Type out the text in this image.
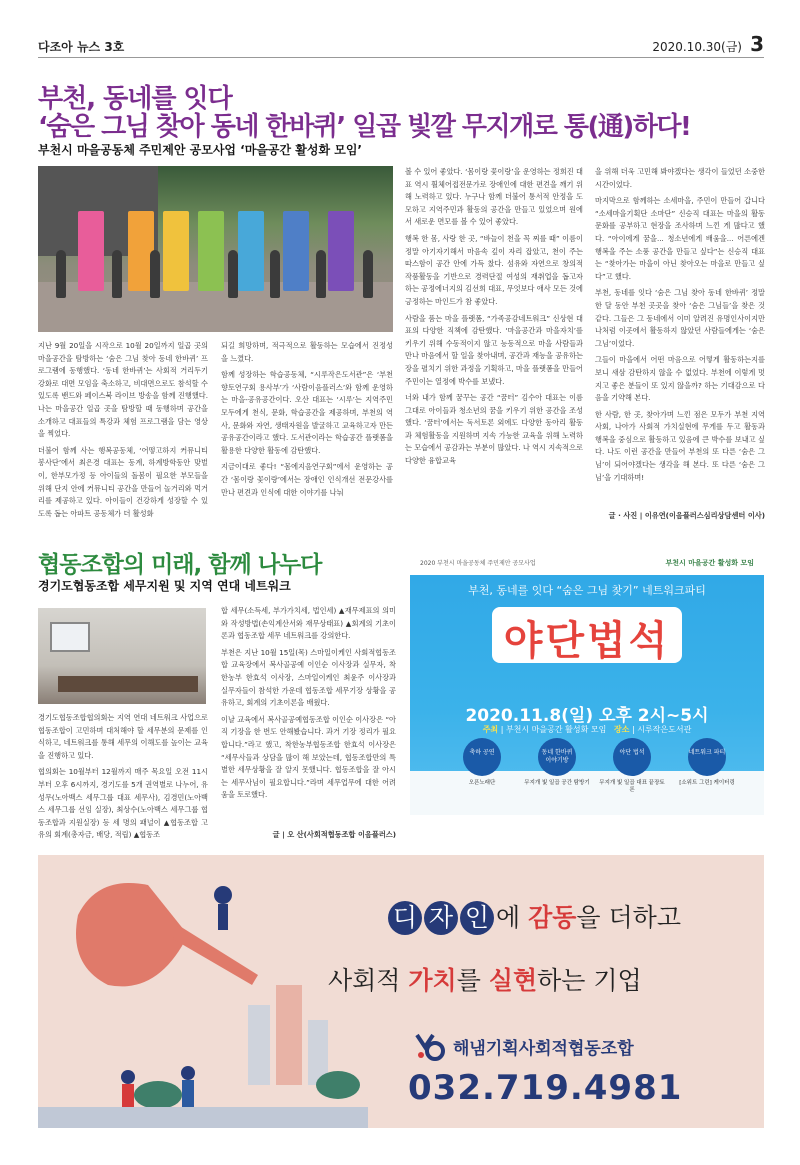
다조아 뉴스 3호	2020.10.30(금) 3
부천, 동네를 잇다
‘숨은 그님 찾아 동네 한바퀴’ 일곱 빛깔 무지개로 통(通)하다!
부천시 마을공동체 주민제안 공모사업 ‘마을공간 활성화 모임’

지난 9월 20일을 시작으로 10월 20일까지 일곱 곳의 마을공간을 탐방하는 ‘숨은 그님 찾아 동네 한바퀴’ 프로그램에 동행했다. ‘동네 한바퀴’는 사회적 거리두기 강화로 대면 모임을 축소하고, 비대면으로도 참석할 수 있도록 밴드와 페이스북 라이브 방송을 함께 진행했다. 나는 마을공간 일곱 곳을 탐방할 때 동행하며 공간을 소개하고 대표들의 특강과 체험 프로그램을 담는 영상을 찍었다.

더불어 함께 사는 행복공동체, ‘어떻고하지 커뮤니티 봉사단’에서 최은경 대표는 동계, 하계방학동안 맞벌이, 한부모가정 등 아이들의 돌봄이 필요한 부모들을 위해 단지 안에 커뮤니티 공간을 만들어 놀거리와 먹거리를 제공하고 있다. 아이들이 건강하게 성장할 수 있도록 돕는 아파트 공동체가 더 활성화

되길 희망하며, 적극적으로 활동하는 모습에서 진정성을 느꼈다.

함께 성장하는 학습공동체, “시루작은도서관”은 ‘부천향토연구회 용사부’가 ‘사람이음플러스’와 함께 운영하는 마을-공유공간이다. 오산 대표는 ‘시루’는 지역주민 모두에게 천식, 문화, 학습공간을 제공하며, 부천의 역사, 문화와 자연, 생태자원을 발굴하고 교육하고자 만든 공유공간이라고 했다. 도서관이라는 학습공간 플랫폼을 활용한 다양한 활동에 감탄했다.

지금이대로 좋다! “몸에지음연구회”에서 운영하는 공간 ‘몸이랑 꽃이랑’에서는 장애인 인식개선 전문강사를 만나 편견과 인식에 대한 이야기를 나눠

볼 수 있어 좋았다. ‘몸이랑 꽃이랑’을 운영하는 정희진 대표 역시 휠체어접전문가로 장애인에 대한 편견을 깨기 위해 노력하고 있다. 누구나 함께 더불어 통서적 안정을 도모하고 지역주민과 활동의 공간을 만들고 있었으며 원에서 새로운 면모를 볼 수 있어 좋았다.

행복 한 몸, 사랑 한 곳, “바늘이 천을 꼭 찌를 때” 이름이 정말 아기자기해서 마음속 깊이 자리 잡았고, 천이 주는 따스함이 공간 안에 가득 찼다. 섬유와 자연으로 창의적 작품활동을 기반으로 경력단절 여성의 재취업을 돕고자 하는 공정에너지의 김선희 대표, 무엇보다 애사 모든 것에 긍정하는 마인드가 참 좋았다.

사람을 품는 마을 플랫폼, “가족공감네트워크” 신상현 대표의 다양한 직책에 감탄했다. ‘마을공간과 마을자치’를 키우기 위해 수동적이지 않고 능동적으로 마을 사람들과 만나 마음에서 할 일을 찾아내며, 공간과 재능을 공유하는 장을 펼치기 위한 과정을 기획하고, 마을 플랫폼을 만들어 주민이는 열정에 박수를 보냈다.

너와 내가 함께 꿈꾸는 공간 “꿈터” 김수아 대표는 이름 그대로 아이들과 청소년의 꿈을 키우기 위한 공간을 조성했다. ‘꿈터’에서는 독서토론 외에도 다양한 동아리 활동과 체험활동을 지원하며 지속 가능한 교육을 위해 노력하는 모습에서 공감과는 부분이 많았다. 나 역시 지속적으로 다양한 융합교육

을 위해 더욱 고민해 봐야겠다는 생각이 들었던 소중한 시간이었다.

마지막으로 함께하는 소세마을, 주민이 만들어 갑니다 “소세마을기획단 소마단” 신승직 대표는 마을의 활동문화를 공부하고 현장을 조사하며 느낀 게 많다고 했다. “아이에게 꿈을... 청소년에게 배움을... 어른에겐 행복을 주는 소풍 공간을 만들고 싶다”는 신승직 대표는 “찾아가는 마을이 아닌 찾아오는 마을로 만들고 싶다”고 했다.

부천, 동네를 잇다 ‘숨은 그님 찾아 동네 한바퀴’ 정말 한 달 동안 부천 곳곳을 찾아 ‘숨은 그님들’을 찾은 것 같다. 그들은 그 동네에서 이미 알려진 유명인사이지만 나처럼 이곳에서 활동하지 않았던 사람들에게는 ‘숨은 그님’이었다.

그들이 마을에서 어떤 마음으로 어떻게 활동하는지를 보니 새삼 감탄하지 않을 수 없었다. 부천에 이렇게 멋지고 좋은 분들이 또 있지 않을까? 하는 기대감으로 다음을 기약해 본다.

한 사람, 한 곳, 찾아가며 느낀 점은 모두가 부천 지역사회, 나아가 사회적 가치실현에 무게를 두고 활동과 행복을 중심으로 활동하고 있음에 큰 박수를 보내고 싶다. 나도 이런 공간을 만들어 부천의 또 다른 ‘숨은 그님’이 되어야겠다는 생각을 해 본다. 또 다른 ‘숨은 그님’을 기대하며!

글 · 사진 | 이유연(이음플러스심리상담센터 이사)
협동조합의 미래, 함께 나누다
경기도협동조합 세무지원 및 지역 연대 네트워크

경기도협동조합협의회는 지역 연대 네트워크 사업으로 협동조합이 고민하며 대처해야 할 세무분의 문제를 인식하고, 네트워크를 통해 세무의 이해도를 높이는 교육을 진행하고 있다.

협의회는 10월부터 12월까지 매주 목요일 오전 11시부터 오후 6시까지, 경기도를 5개 권역별로 나누어, 유성무(노아백스 세무그룹 대표 세무사), 김경민(노아백스 세무그룹 선임 실장), 최상수(노아백스 세무그룹 협동조합과 지원실장) 등 세 명의 패널이 ▲협동조합 고유의 회계(총자금, 배당, 적립) ▲협동조

합 세무(소득세, 부가가치세, 법인세) ▲재무제표의 의미와 작성방법(손익계산서와 재무상태표) ▲회계의 기초이론과 협동조합 세무 네트워크를 강의한다.

부천은 지난 10월 15일(목) 스마일이케인 사회적협동조합 교육장에서 복사골공예 이인순 이사장과 실무자, 착한농부 한효석 이사장, 스마일이케인 최윤주 이사장과 실무자들이 참석한 가운데 협동조합 세무기장 상황을 공유하고, 회계의 기초이론을 배웠다.

이날 교육에서 복사골공예협동조합 이인순 이사장은 “아직 기장을 한 번도 안해봤습니다. 과거 기장 정리가 필요합니다.”라고 했고, 착한농부협동조합 한효석 이사장은 “세무사들과 상담을 많이 해 보았는데, 협동조합만의 특별한 세무상황을 잘 알지 못했니다. 협동조합을 잘 아시는 세무사님이 필요합니다.”라며 세무업무에 대한 어려움을 토로했다.

글 | 오 산(사회적협동조합 이음플러스)
2020 부천시 마을공동체 주민제안 공모사업	부천시 마을공간 활성화 모임
부천, 동네를 잇다 “숨은 그님 찾기” 네트워크파티
야단법석
2020.11.8(일) 오후 2시~5시
주최 | 부천시 마을공간 활성화 모임 장소 | 시루작은도서관
축하 공연	동네 한바퀴 이야기방
야단 법석	네트워크 파티
오픈노래단	무지개 빛 일곱 공간 탐방기 무지개 빛 일곱 대표 끝장토론
[소위트 그린] 케이터링
디 자 인 에 감동을 더하고
사회적 가치를 실현하는 기업
해냄기획사회적협동조합
032.719.4981
